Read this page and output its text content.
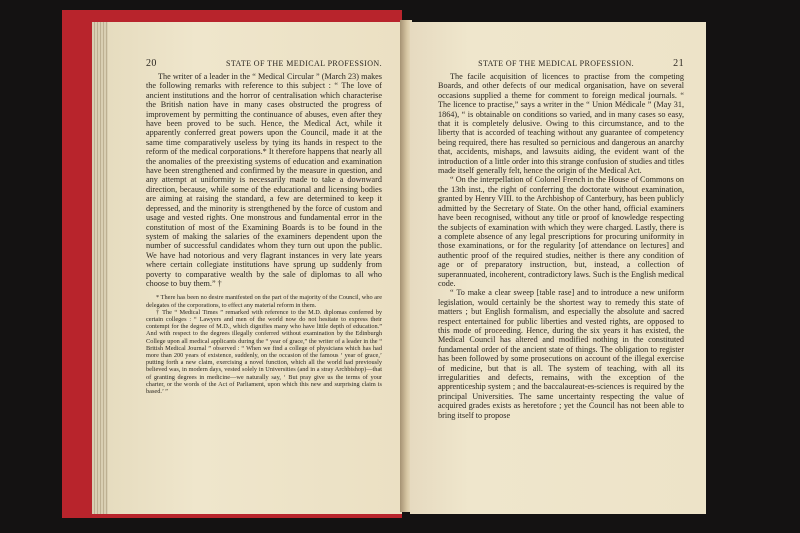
20	STATE OF THE MEDICAL PROFESSION.

The writer of a leader in the “ Medical Circular ” (March 23) makes the following remarks with reference to this subject : “ The love of ancient institutions and the horror of centralisation which characterise the British nation have in many cases obstructed the progress of improvement by permitting the continuance of abuses, even after they have been proved to be such. Hence, the Medical Act, while it apparently conferred great powers upon the Council, made it at the same time comparatively useless by tying its hands in respect to the reform of the medical corporations.* It therefore happens that nearly all the anomalies of the preexisting systems of education and examination have been strengthened and confirmed by the measure in question, and any attempt at uniformity is necessarily made to take a downward direction, because, while some of the educational and licensing bodies are aiming at raising the standard, a few are determined to keep it depressed, and the minority is strengthened by the force of custom and usage and vested rights. One monstrous and fundamental error in the constitution of most of the Examining Boards is to be found in the system of making the salaries of the examiners dependent upon the number of successful candidates whom they turn out upon the public. We have had notorious and very flagrant instances in very late years where certain collegiate institutions have sprung up suddenly from poverty to comparative wealth by the sale of diplomas to all who choose to buy them.” †

* There has been no desire manifested on the part of the majority of the Council, who are delegates of the corporations, to effect any material reform in them.

† The “ Medical Times ” remarked with reference to the M.D. diplomas conferred by certain colleges : “ Lawyers and men of the world now do not hesitate to express their contempt for the degree of M.D., which dignifies many who have little depth of education.” And with respect to the degrees illegally conferred without examination by the Edinburgh College upon all medical applicants during the “ year of grace,” the writer of a leader in the “ British Medical Journal ” observed : “ When we find a college of physicians which has had more than 200 years of existence, suddenly, on the occasion of the famous ‘ year of grace,’ putting forth a new claim, exercising a novel function, which all the world had previously believed was, in modern days, vested solely in Universities (and in a stray Archbishop)—that of granting degrees in medicine—we naturally say, ‘ But pray give us the terms of your charter, or the words of the Act of Parliament, upon which this new and surprising claim is based.’ ”

STATE OF THE MEDICAL PROFESSION.	21

The facile acquisition of licences to practise from the competing Boards, and other defects of our medical organisation, have on several occasions supplied a theme for comment to foreign medical journals. “ The licence to practise,” says a writer in the “ Union Médicale ” (May 31, 1864), “ is obtainable on conditions so varied, and in many cases so easy, that it is completely delusive. Owing to this circumstance, and to the liberty that is accorded of teaching without any guarantee of competency being required, there has resulted so pernicious and dangerous an anarchy that, accidents, mishaps, and lawsuits aiding, the evident want of the introduction of a little order into this strange confusion of studies and titles made itself generally felt, hence the origin of the Medical Act.

“ On the interpellation of Colonel French in the House of Commons on the 13th inst., the right of conferring the doctorate without examination, granted by Henry VIII. to the Archbishop of Canterbury, has been publicly admitted by the Secretary of State. On the other hand, official examiners have been recognised, without any title or proof of knowledge respecting the subjects of examination with which they were charged. Lastly, there is a complete absence of any legal prescriptions for procuring uniformity in those examinations, or for the regularity [of attendance on lectures] and authentic proof of the required studies, neither is there any condition of age or of preparatory instruction, but, instead, a collection of superannuated, incoherent, contradictory laws. Such is the English medical code.

“ To make a clear sweep [table rase] and to introduce a new uniform legislation, would certainly be the shortest way to remedy this state of matters ; but English formalism, and especially the absolute and sacred respect entertained for public liberties and vested rights, are opposed to this mode of proceeding. Hence, during the six years it has existed, the Medical Council has altered and modified nothing in the constituted fundamental order of the ancient state of things. The obligation to register has been followed by some prosecutions on account of the illegal exercise of medicine, but that is all. The system of teaching, with all its irregularities and defects, remains, with the exception of the apprenticeship system ; and the baccalaureat-es-sciences is required by the principal Universities. The same uncertainty respecting the value of acquired grades exists as heretofore ; yet the Council has not been able to bring itself to propose
